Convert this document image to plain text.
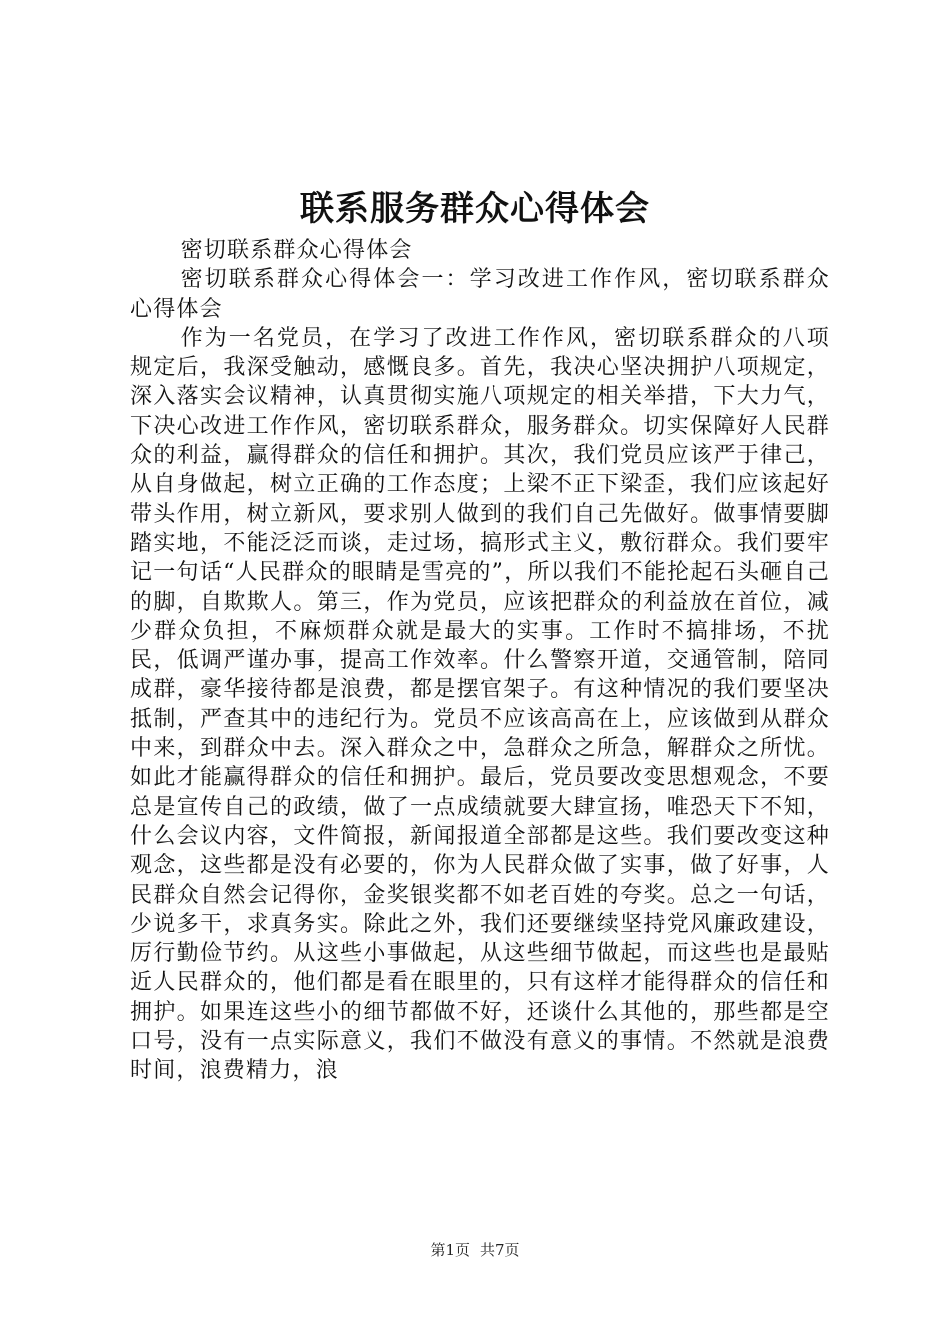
联系服务群众心得体会

密切联系群众心得体会

密切联系群众心得体会一：学习改进工作作风，密切联系群众心得体会

作为一名党员，在学习了改进工作作风，密切联系群众的八项规定后，我深受触动，感慨良多。首先，我决心坚决拥护八项规定，深入落实会议精神，认真贯彻实施八项规定的相关举措，下大力气，下决心改进工作作风，密切联系群众，服务群众。切实保障好人民群众的利益，赢得群众的信任和拥护。其次，我们党员应该严于律己，从自身做起，树立正确的工作态度；上梁不正下梁歪，我们应该起好带头作用，树立新风，要求别人做到的我们自己先做好。做事情要脚踏实地，不能泛泛而谈，走过场，搞形式主义，敷衍群众。我们要牢记一句话“人民群众的眼睛是雪亮的”，所以我们不能抡起石头砸自己的脚，自欺欺人。第三，作为党员，应该把群众的利益放在首位，减少群众负担，不麻烦群众就是最大的实事。工作时不搞排场，不扰民，低调严谨办事，提高工作效率。什么警察开道，交通管制，陪同成群，豪华接待都是浪费，都是摆官架子。有这种情况的我们要坚决抵制，严查其中的违纪行为。党员不应该高高在上，应该做到从群众中来，到群众中去。深入群众之中，急群众之所急，解群众之所忧。如此才能赢得群众的信任和拥护。最后，党员要改变思想观念，不要总是宣传自己的政绩，做了一点成绩就要大肆宣扬，唯恐天下不知，什么会议内容，文件简报，新闻报道全部都是这些。我们要改变这种观念，这些都是没有必要的，你为人民群众做了实事，做了好事，人民群众自然会记得你，金奖银奖都不如老百姓的夸奖。总之一句话，少说多干，求真务实。除此之外，我们还要继续坚持党风廉政建设，厉行勤俭节约。从这些小事做起，从这些细节做起，而这些也是最贴近人民群众的，他们都是看在眼里的，只有这样才能得群众的信任和拥护。如果连这些小的细节都做不好，还谈什么其他的，那些都是空口号，没有一点实际意义，我们不做没有意义的事情。不然就是浪费时间，浪费精力，浪

第1页 共7页
